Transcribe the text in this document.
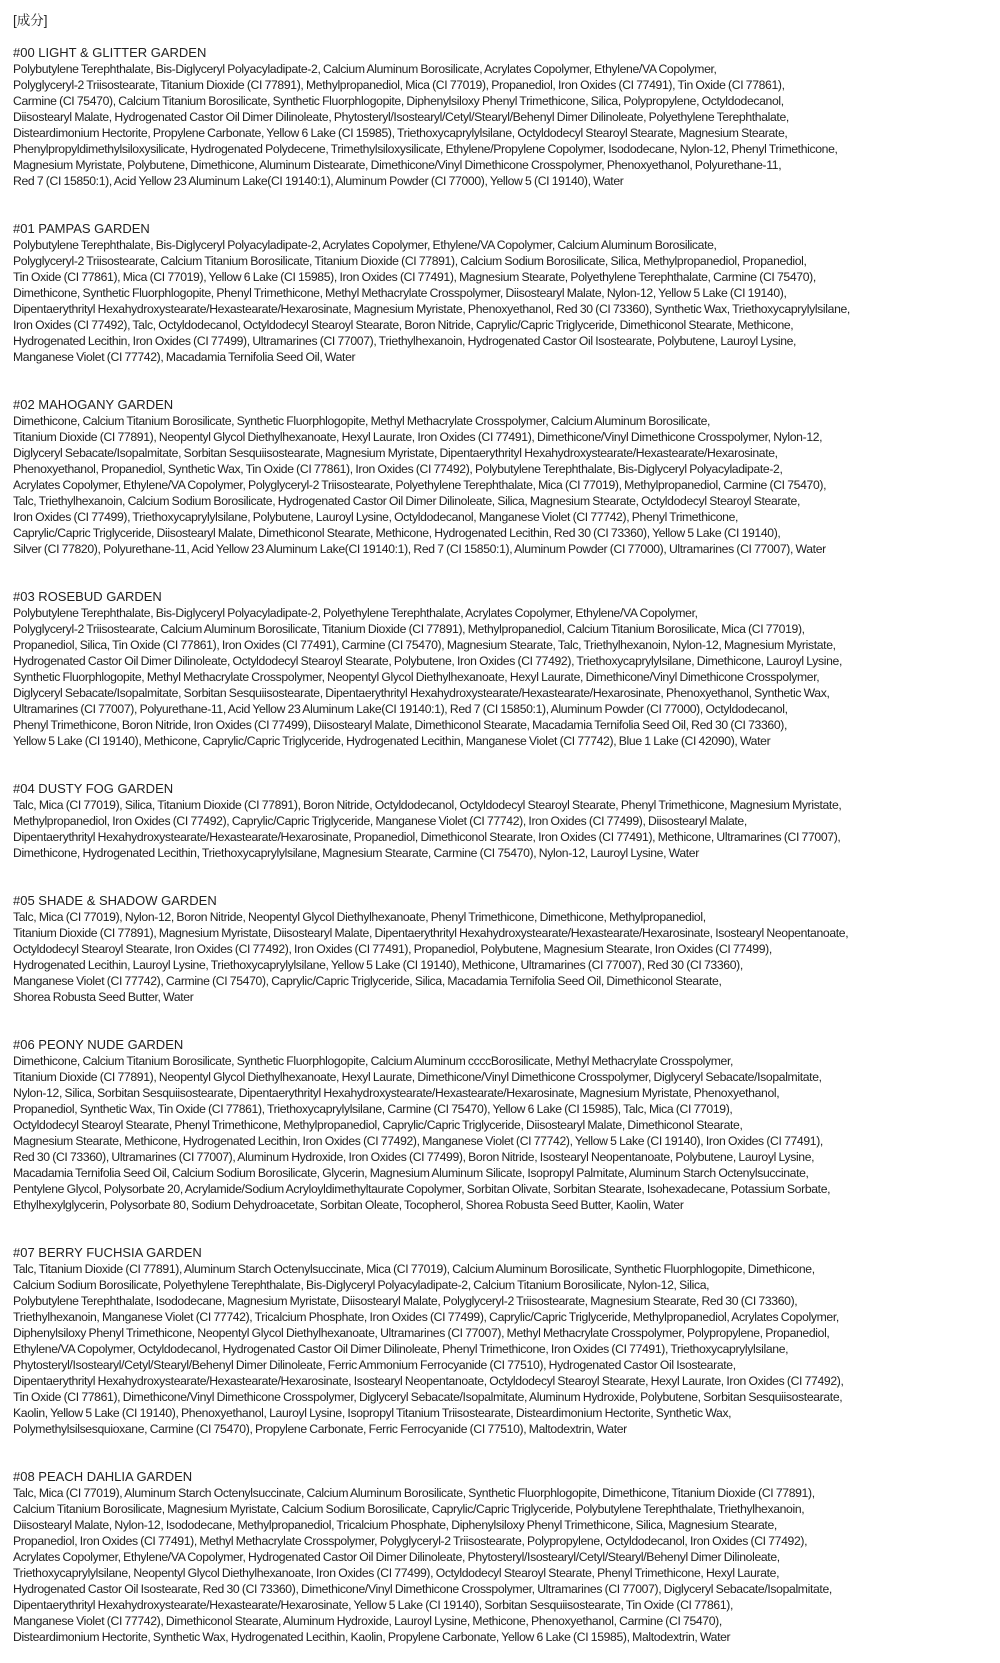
[成分]
#00 LIGHT & GLITTER GARDEN
Polybutylene Terephthalate, Bis-Diglyceryl Polyacyladipate-2, Calcium Aluminum Borosilicate, Acrylates Copolymer, Ethylene/VA Copolymer,
Polyglyceryl-2 Triisostearate, Titanium Dioxide (CI 77891), Methylpropanediol, Mica (CI 77019), Propanediol, Iron Oxides (CI 77491), Tin Oxide (CI 77861),
Carmine (CI 75470), Calcium Titanium Borosilicate, Synthetic Fluorphlogopite, Diphenylsiloxy Phenyl Trimethicone, Silica, Polypropylene, Octyldodecanol,
Diisostearyl Malate, Hydrogenated Castor Oil Dimer Dilinoleate, Phytosteryl/Isostearyl/Cetyl/Stearyl/Behenyl Dimer Dilinoleate, Polyethylene Terephthalate,
Disteardimonium Hectorite, Propylene Carbonate, Yellow 6 Lake (CI 15985), Triethoxycaprylylsilane, Octyldodecyl Stearoyl Stearate, Magnesium Stearate,
Phenylpropyldimethylsiloxysilicate, Hydrogenated Polydecene, Trimethylsiloxysilicate, Ethylene/Propylene Copolymer, Isododecane, Nylon-12, Phenyl Trimethicone,
Magnesium Myristate, Polybutene, Dimethicone, Aluminum Distearate, Dimethicone/Vinyl Dimethicone Crosspolymer, Phenoxyethanol, Polyurethane-11,
Red 7 (CI 15850:1), Acid Yellow 23 Aluminum Lake(CI 19140:1), Aluminum Powder (CI 77000), Yellow 5 (CI 19140), Water
#01 PAMPAS GARDEN
Polybutylene Terephthalate, Bis-Diglyceryl Polyacyladipate-2, Acrylates Copolymer, Ethylene/VA Copolymer, Calcium Aluminum Borosilicate,
Polyglyceryl-2 Triisostearate, Calcium Titanium Borosilicate, Titanium Dioxide (CI 77891), Calcium Sodium Borosilicate, Silica, Methylpropanediol, Propanediol,
Tin Oxide (CI 77861), Mica (CI 77019), Yellow 6 Lake (CI 15985), Iron Oxides (CI 77491), Magnesium Stearate, Polyethylene Terephthalate, Carmine (CI 75470),
Dimethicone, Synthetic Fluorphlogopite, Phenyl Trimethicone, Methyl Methacrylate Crosspolymer, Diisostearyl Malate, Nylon-12, Yellow 5 Lake (CI 19140),
Dipentaerythrityl Hexahydroxystearate/Hexastearate/Hexarosinate, Magnesium Myristate, Phenoxyethanol, Red 30 (CI 73360), Synthetic Wax, Triethoxycaprylylsilane,
Iron Oxides (CI 77492), Talc, Octyldodecanol, Octyldodecyl Stearoyl Stearate, Boron Nitride, Caprylic/Capric Triglyceride, Dimethiconol Stearate, Methicone,
Hydrogenated Lecithin, Iron Oxides (CI 77499), Ultramarines (CI 77007), Triethylhexanoin, Hydrogenated Castor Oil Isostearate, Polybutene, Lauroyl Lysine,
Manganese Violet (CI 77742), Macadamia Ternifolia Seed Oil, Water
#02 MAHOGANY GARDEN
Dimethicone, Calcium Titanium Borosilicate, Synthetic Fluorphlogopite, Methyl Methacrylate Crosspolymer, Calcium Aluminum Borosilicate,
Titanium Dioxide (CI 77891), Neopentyl Glycol Diethylhexanoate, Hexyl Laurate, Iron Oxides (CI 77491), Dimethicone/Vinyl Dimethicone Crosspolymer, Nylon-12,
Diglyceryl Sebacate/Isopalmitate, Sorbitan Sesquiisostearate, Magnesium Myristate, Dipentaerythrityl Hexahydroxystearate/Hexastearate/Hexarosinate,
Phenoxyethanol, Propanediol, Synthetic Wax, Tin Oxide (CI 77861), Iron Oxides (CI 77492), Polybutylene Terephthalate, Bis-Diglyceryl Polyacyladipate-2,
Acrylates Copolymer, Ethylene/VA Copolymer, Polyglyceryl-2 Triisostearate, Polyethylene Terephthalate, Mica (CI 77019), Methylpropanediol, Carmine (CI 75470),
Talc, Triethylhexanoin, Calcium Sodium Borosilicate, Hydrogenated Castor Oil Dimer Dilinoleate, Silica, Magnesium Stearate, Octyldodecyl Stearoyl Stearate,
Iron Oxides (CI 77499), Triethoxycaprylylsilane, Polybutene, Lauroyl Lysine, Octyldodecanol, Manganese Violet (CI 77742), Phenyl Trimethicone,
Caprylic/Capric Triglyceride, Diisostearyl Malate, Dimethiconol Stearate, Methicone, Hydrogenated Lecithin, Red 30 (CI 73360), Yellow 5 Lake (CI 19140),
Silver (CI 77820), Polyurethane-11, Acid Yellow 23 Aluminum Lake(CI 19140:1), Red 7 (CI 15850:1), Aluminum Powder (CI 77000), Ultramarines (CI 77007), Water
#03 ROSEBUD GARDEN
Polybutylene Terephthalate, Bis-Diglyceryl Polyacyladipate-2, Polyethylene Terephthalate, Acrylates Copolymer, Ethylene/VA Copolymer,
Polyglyceryl-2 Triisostearate, Calcium Aluminum Borosilicate, Titanium Dioxide (CI 77891), Methylpropanediol, Calcium Titanium Borosilicate, Mica (CI 77019),
Propanediol, Silica, Tin Oxide (CI 77861), Iron Oxides (CI 77491), Carmine (CI 75470), Magnesium Stearate, Talc, Triethylhexanoin, Nylon-12, Magnesium Myristate,
Hydrogenated Castor Oil Dimer Dilinoleate, Octyldodecyl Stearoyl Stearate, Polybutene, Iron Oxides (CI 77492), Triethoxycaprylylsilane, Dimethicone, Lauroyl Lysine,
Synthetic Fluorphlogopite, Methyl Methacrylate Crosspolymer, Neopentyl Glycol Diethylhexanoate, Hexyl Laurate, Dimethicone/Vinyl Dimethicone Crosspolymer,
Diglyceryl Sebacate/Isopalmitate, Sorbitan Sesquiisostearate, Dipentaerythrityl Hexahydroxystearate/Hexastearate/Hexarosinate, Phenoxyethanol, Synthetic Wax,
Ultramarines (CI 77007), Polyurethane-11, Acid Yellow 23 Aluminum Lake(CI 19140:1), Red 7 (CI 15850:1), Aluminum Powder (CI 77000), Octyldodecanol,
Phenyl Trimethicone, Boron Nitride, Iron Oxides (CI 77499), Diisostearyl Malate, Dimethiconol Stearate, Macadamia Ternifolia Seed Oil, Red 30 (CI 73360),
Yellow 5 Lake (CI 19140), Methicone, Caprylic/Capric Triglyceride, Hydrogenated Lecithin, Manganese Violet (CI 77742), Blue 1 Lake (CI 42090), Water
#04 DUSTY FOG GARDEN
Talc, Mica (CI 77019), Silica, Titanium Dioxide (CI 77891), Boron Nitride, Octyldodecanol, Octyldodecyl Stearoyl Stearate, Phenyl Trimethicone, Magnesium Myristate,
Methylpropanediol, Iron Oxides (CI 77492), Caprylic/Capric Triglyceride, Manganese Violet (CI 77742), Iron Oxides (CI 77499), Diisostearyl Malate,
Dipentaerythrityl Hexahydroxystearate/Hexastearate/Hexarosinate, Propanediol, Dimethiconol Stearate, Iron Oxides (CI 77491), Methicone, Ultramarines (CI 77007),
Dimethicone, Hydrogenated Lecithin, Triethoxycaprylylsilane, Magnesium Stearate, Carmine (CI 75470), Nylon-12, Lauroyl Lysine, Water
#05 SHADE & SHADOW GARDEN
Talc, Mica (CI 77019), Nylon-12, Boron Nitride, Neopentyl Glycol Diethylhexanoate, Phenyl Trimethicone, Dimethicone, Methylpropanediol,
Titanium Dioxide (CI 77891), Magnesium Myristate, Diisostearyl Malate, Dipentaerythrityl Hexahydroxystearate/Hexastearate/Hexarosinate, Isostearyl Neopentanoate,
Octyldodecyl Stearoyl Stearate, Iron Oxides (CI 77492), Iron Oxides (CI 77491), Propanediol, Polybutene, Magnesium Stearate, Iron Oxides (CI 77499),
Hydrogenated Lecithin, Lauroyl Lysine, Triethoxycaprylylsilane, Yellow 5 Lake (CI 19140), Methicone, Ultramarines (CI 77007), Red 30 (CI 73360),
Manganese Violet (CI 77742), Carmine (CI 75470), Caprylic/Capric Triglyceride, Silica, Macadamia Ternifolia Seed Oil, Dimethiconol Stearate,
Shorea Robusta Seed Butter, Water
#06 PEONY NUDE GARDEN
Dimethicone, Calcium Titanium Borosilicate, Synthetic Fluorphlogopite, Calcium Aluminum ccccBorosilicate, Methyl Methacrylate Crosspolymer,
Titanium Dioxide (CI 77891), Neopentyl Glycol Diethylhexanoate, Hexyl Laurate, Dimethicone/Vinyl Dimethicone Crosspolymer, Diglyceryl Sebacate/Isopalmitate,
Nylon-12, Silica, Sorbitan Sesquiisostearate, Dipentaerythrityl Hexahydroxystearate/Hexastearate/Hexarosinate, Magnesium Myristate, Phenoxyethanol,
Propanediol, Synthetic Wax, Tin Oxide (CI 77861), Triethoxycaprylylsilane, Carmine (CI 75470), Yellow 6 Lake (CI 15985), Talc, Mica (CI 77019),
Octyldodecyl Stearoyl Stearate, Phenyl Trimethicone, Methylpropanediol, Caprylic/Capric Triglyceride, Diisostearyl Malate, Dimethiconol Stearate,
Magnesium Stearate, Methicone, Hydrogenated Lecithin, Iron Oxides (CI 77492), Manganese Violet (CI 77742), Yellow 5 Lake (CI 19140), Iron Oxides (CI 77491),
Red 30 (CI 73360), Ultramarines (CI 77007), Aluminum Hydroxide, Iron Oxides (CI 77499), Boron Nitride, Isostearyl Neopentanoate, Polybutene, Lauroyl Lysine,
Macadamia Ternifolia Seed Oil, Calcium Sodium Borosilicate, Glycerin, Magnesium Aluminum Silicate, Isopropyl Palmitate, Aluminum Starch Octenylsuccinate,
Pentylene Glycol, Polysorbate 20, Acrylamide/Sodium Acryloyldimethyltaurate Copolymer, Sorbitan Olivate, Sorbitan Stearate, Isohexadecane, Potassium Sorbate,
Ethylhexylglycerin, Polysorbate 80, Sodium Dehydroacetate, Sorbitan Oleate, Tocopherol, Shorea Robusta Seed Butter, Kaolin, Water
#07 BERRY FUCHSIA GARDEN
Talc, Titanium Dioxide (CI 77891), Aluminum Starch Octenylsuccinate, Mica (CI 77019), Calcium Aluminum Borosilicate, Synthetic Fluorphlogopite, Dimethicone,
Calcium Sodium Borosilicate, Polyethylene Terephthalate, Bis-Diglyceryl Polyacyladipate-2, Calcium Titanium Borosilicate, Nylon-12, Silica,
Polybutylene Terephthalate, Isododecane, Magnesium Myristate, Diisostearyl Malate, Polyglyceryl-2 Triisostearate, Magnesium Stearate, Red 30 (CI 73360),
Triethylhexanoin, Manganese Violet (CI 77742), Tricalcium Phosphate, Iron Oxides (CI 77499), Caprylic/Capric Triglyceride, Methylpropanediol, Acrylates Copolymer,
Diphenylsiloxy Phenyl Trimethicone, Neopentyl Glycol Diethylhexanoate, Ultramarines (CI 77007), Methyl Methacrylate Crosspolymer, Polypropylene, Propanediol,
Ethylene/VA Copolymer, Octyldodecanol, Hydrogenated Castor Oil Dimer Dilinoleate, Phenyl Trimethicone, Iron Oxides (CI 77491), Triethoxycaprylylsilane,
Phytosteryl/Isostearyl/Cetyl/Stearyl/Behenyl Dimer Dilinoleate, Ferric Ammonium Ferrocyanide (CI 77510), Hydrogenated Castor Oil Isostearate,
Dipentaerythrityl Hexahydroxystearate/Hexastearate/Hexarosinate, Isostearyl Neopentanoate, Octyldodecyl Stearoyl Stearate, Hexyl Laurate, Iron Oxides (CI 77492),
Tin Oxide (CI 77861), Dimethicone/Vinyl Dimethicone Crosspolymer, Diglyceryl Sebacate/Isopalmitate, Aluminum Hydroxide, Polybutene, Sorbitan Sesquiisostearate,
Kaolin, Yellow 5 Lake (CI 19140), Phenoxyethanol, Lauroyl Lysine, Isopropyl Titanium Triisostearate, Disteardimonium Hectorite, Synthetic Wax,
Polymethylsilsesquioxane, Carmine (CI 75470), Propylene Carbonate, Ferric Ferrocyanide (CI 77510), Maltodextrin, Water
#08 PEACH DAHLIA GARDEN
Talc, Mica (CI 77019), Aluminum Starch Octenylsuccinate, Calcium Aluminum Borosilicate, Synthetic Fluorphlogopite, Dimethicone, Titanium Dioxide (CI 77891),
Calcium Titanium Borosilicate, Magnesium Myristate, Calcium Sodium Borosilicate, Caprylic/Capric Triglyceride, Polybutylene Terephthalate, Triethylhexanoin,
Diisostearyl Malate, Nylon-12, Isododecane, Methylpropanediol, Tricalcium Phosphate, Diphenylsiloxy Phenyl Trimethicone, Silica, Magnesium Stearate,
Propanediol, Iron Oxides (CI 77491), Methyl Methacrylate Crosspolymer, Polyglyceryl-2 Triisostearate, Polypropylene, Octyldodecanol, Iron Oxides (CI 77492),
Acrylates Copolymer, Ethylene/VA Copolymer, Hydrogenated Castor Oil Dimer Dilinoleate, Phytosteryl/Isostearyl/Cetyl/Stearyl/Behenyl Dimer Dilinoleate,
Triethoxycaprylylsilane, Neopentyl Glycol Diethylhexanoate, Iron Oxides (CI 77499), Octyldodecyl Stearoyl Stearate, Phenyl Trimethicone, Hexyl Laurate,
Hydrogenated Castor Oil Isostearate, Red 30 (CI 73360), Dimethicone/Vinyl Dimethicone Crosspolymer, Ultramarines (CI 77007), Diglyceryl Sebacate/Isopalmitate,
Dipentaerythrityl Hexahydroxystearate/Hexastearate/Hexarosinate, Yellow 5 Lake (CI 19140), Sorbitan Sesquiisostearate, Tin Oxide (CI 77861),
Manganese Violet (CI 77742), Dimethiconol Stearate, Aluminum Hydroxide, Lauroyl Lysine, Methicone, Phenoxyethanol, Carmine (CI 75470),
Disteardimonium Hectorite, Synthetic Wax, Hydrogenated Lecithin, Kaolin, Propylene Carbonate, Yellow 6 Lake (CI 15985), Maltodextrin, Water
